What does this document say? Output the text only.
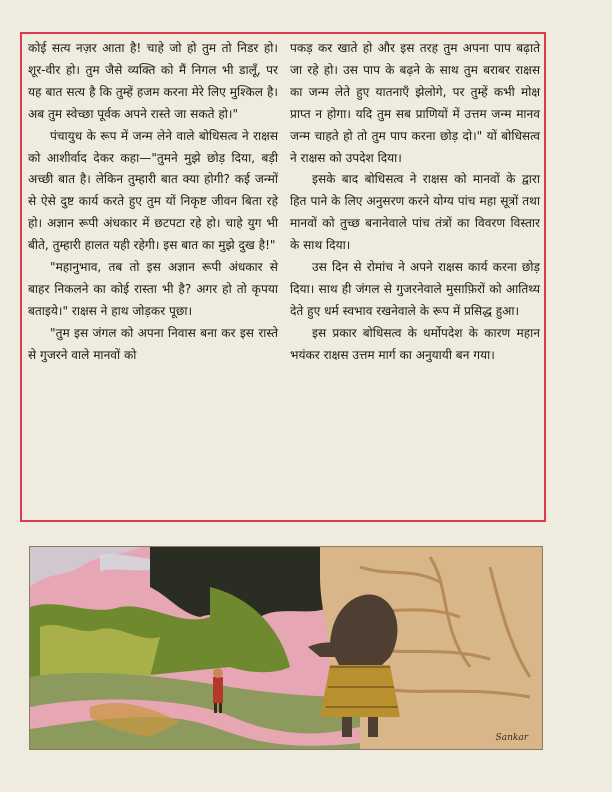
कोई सत्य नज़र आता है! चाहे जो हो तुम तो निडर हो। शूर-वीर हो। तुम जैसे व्यक्ति को मैं निगल भी डालूँ, पर यह बात सत्य है कि तुम्हें हजम करना मेरे लिए मुश्किल है। अब तुम स्वेच्छा पूर्वक अपने रास्ते जा सकते हो।"

पंचायुध के रूप में जन्म लेने वाले बोधिसत्व ने राक्षस को आशीर्वाद देकर कहा—"तुमने मुझे छोड़ दिया, बड़ी अच्छी बात है। लेकिन तुम्हारी बात क्या होगी? कई जन्मों से ऐसे दुष्ट कार्य करते हुए तुम यों निकृष्ट जीवन बिता रहे हो। अज्ञान रूपी अंधकार में छटपटा रहे हो। चाहे युग भी बीते, तुम्हारी हालत यही रहेगी। इस बात का मुझे दुख है!"

"महानुभाव, तब तो इस अज्ञान रूपी अंधकार से बाहर निकलने का कोई रास्ता भी है? अगर हो तो कृपया बताइये।" राक्षस ने हाथ जोड़कर पूछा।

"तुम इस जंगल को अपना निवास बना कर इस रास्ते से गुजरने वाले मानवों को

पकड़ कर खाते हो और इस तरह तुम अपना पाप बढ़ाते जा रहे हो। उस पाप के बढ़ने के साथ तुम बराबर राक्षस का जन्म लेते हुए यातनाएँ झेलोगे, पर तुम्हें कभी मोक्ष प्राप्त न होगा। यदि तुम सब प्राणियों में उत्तम जन्म मानव जन्म चाहते हो तो तुम पाप करना छोड़ दो।" यों बोधिसत्व ने राक्षस को उपदेश दिया।

इसके बाद बोधिसत्व ने राक्षस को मानवों के द्वारा हित पाने के लिए अनुसरण करने योग्य पांच महा सूत्रों तथा मानवों को तुच्छ बनानेवाले पांच तंत्रों का विवरण विस्तार के साथ दिया।

उस दिन से रोमांच ने अपने राक्षस कार्य करना छोड़ दिया। साथ ही जंगल से गुजरनेवाले मुसाफ़िरों को आतिथ्य देते हुए धर्म स्वभाव रखनेवाले के रूप में प्रसिद्ध हुआ।

इस प्रकार बोधिसत्व के धर्मोपदेश के कारण महान भयंकर राक्षस उत्तम मार्ग का अनुयायी बन गया।

Sankar
